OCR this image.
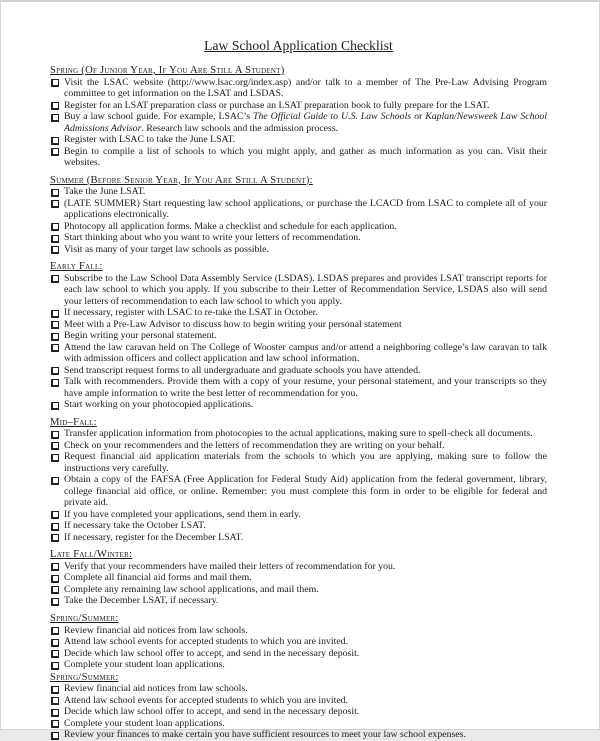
Law School Application Checklist
Spring (Of Junior Year, If You Are Still A Student)
Visit the LSAC website (http://www.lsac.org/index.asp) and/or talk to a member of The Pre-Law Advising Program committee to get information on the LSAT and LSDAS.
Register for an LSAT preparation class or purchase an LSAT preparation book to fully prepare for the LSAT.
Buy a law school guide. For example, LSAC’s The Official Guide to U.S. Law Schools or Kaplan/Newsweek Law School Admissions Advisor. Research law schools and the admission process.
Register with LSAC to take the June LSAT.
Begin to compile a list of schools to which you might apply, and gather as much information as you can. Visit their websites.
Summer (Before Senior Year, If You Are Still A Student):
Take the June LSAT.
(LATE SUMMER) Start requesting law school applications, or purchase the LCACD from LSAC to complete all of your applications electronically.
Photocopy all application forms. Make a checklist and schedule for each application.
Start thinking about who you want to write your letters of recommendation.
Visit as many of your target law schools as possible.
Early Fall:
Subscribe to the Law School Data Assembly Service (LSDAS). LSDAS prepares and provides LSAT transcript reports for each law school to which you apply. If you subscribe to their Letter of Recommendation Service, LSDAS also will send your letters of recommendation to each law school to which you apply.
If necessary, register with LSAC to re-take the LSAT in October.
Meet with a Pre-Law Advisor to discuss how to begin writing your personal statement
Begin writing your personal statement.
Attend the law caravan held on The College of Wooster campus and/or attend a neighboring college’s law caravan to talk with admission officers and collect application and law school information.
Send transcript request forms to all undergraduate and graduate schools you have attended.
Talk with recommenders. Provide them with a copy of your resume, your personal statement, and your transcripts so they have ample information to write the best letter of recommendation for you.
Start working on your photocopied applications.
Mid–Fall:
Transfer application information from photocopies to the actual applications, making sure to spell-check all documents.
Check on your recommenders and the letters of recommendation they are writing on your behalf.
Request financial aid application materials from the schools to which you are applying, making sure to follow the instructions very carefully.
Obtain a copy of the FAFSA (Free Application for Federal Study Aid) application from the federal government, library, college financial aid office, or online. Remember: you must complete this form in order to be eligible for federal and private aid.
If you have completed your applications, send them in early.
If necessary take the October LSAT.
If necessary, register for the December LSAT.
Late Fall/Winter:
Verify that your recommenders have mailed their letters of recommendation for you.
Complete all financial aid forms and mail them.
Complete any remaining law school applications, and mail them.
Take the December LSAT, if necessary.
Spring/Summer:
Review financial aid notices from law schools.
Attend law school events for accepted students to which you are invited.
Decide which law school offer to accept, and send in the necessary deposit.
Complete your student loan applications.
Spring/Summer:
Review financial aid notices from law schools.
Attend law school events for accepted students to which you are invited.
Decide which law school offer to accept, and send in the necessary deposit.
Complete your student loan applications.
Review your finances to make certain you have sufficient resources to meet your law school expenses.
